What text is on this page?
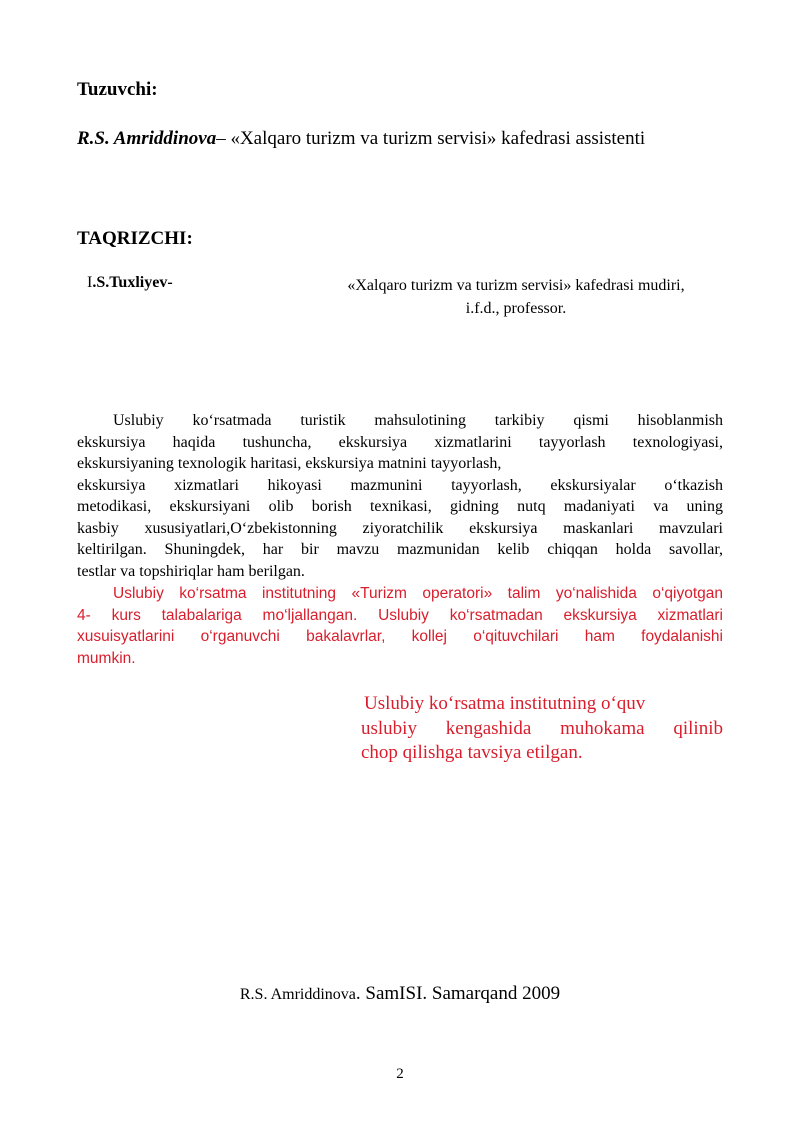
Tuzuvchi:
R.S. Amriddinova– «Xalqaro turizm va turizm servisi» kafedrasi assistenti
TAQRIZCHI:
I.S.Tuxliyev-	«Xalqaro turizm va turizm servisi» kafedrasi mudiri,
i.f.d., professor.
Uslubiy ko‘rsatmada turistik mahsulotining tarkibiy qismi hisoblanmish
ekskursiya haqida tushuncha, ekskursiya xizmatlarini tayyorlash texnologiyasi,
ekskursiyaning texnologik haritasi, ekskursiya matnini tayyorlash,
ekskursiya xizmatlari hikoyasi mazmunini tayyorlash, ekskursiyalar o‘tkazish
metodikasi, ekskursiyani olib borish texnikasi, gidning nutq madaniyati va uning
kasbiy xususiyatlari,O‘zbekistonning ziyoratchilik ekskursiya maskanlari mavzulari
keltirilgan. Shuningdek, har bir mavzu mazmunidan kelib chiqqan holda savollar,
testlar va topshiriqlar ham berilgan.
Uslubiy ko‘rsatma institutning «Turizm operatori» talim yo‘nalishida o‘qiyotgan
4- kurs talabalariga mo‘ljallangan. Uslubiy ko‘rsatmadan ekskursiya xizmatlari
xusuisyatlarini o‘rganuvchi bakalavrlar, kollej o‘qituvchilari ham foydalanishi
mumkin.
Uslubiy ko‘rsatma institutning o‘quv
uslubiy kengashida muhokama qilinib
chop qilishga tavsiya etilgan.
R.S. Amriddinova. SamISI. Samarqand 2009
2
